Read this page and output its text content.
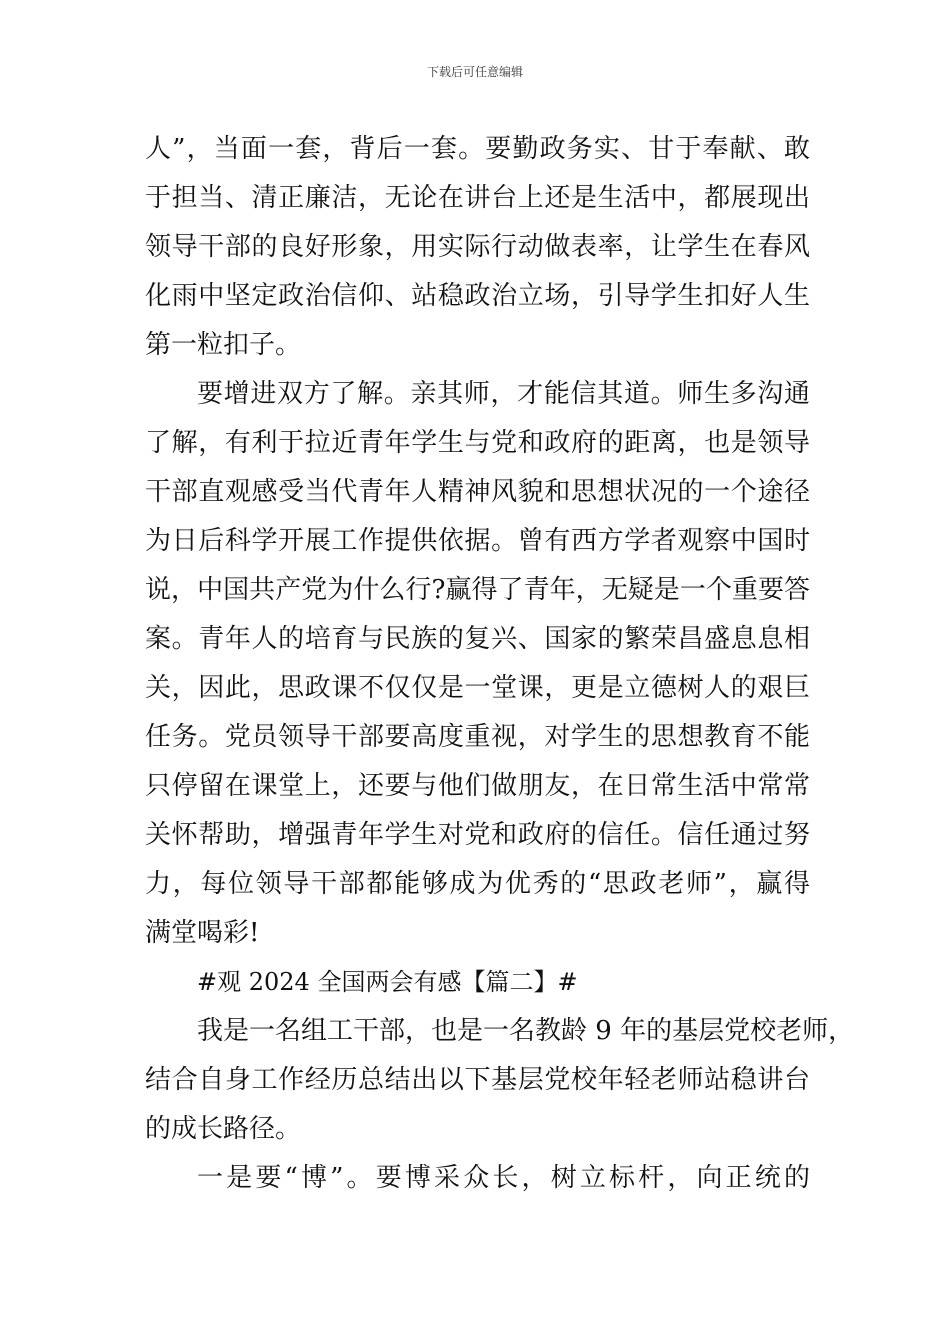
下载后可任意编辑
人”，当面一套，背后一套。要勤政务实、甘于奉献、敢
于担当、清正廉洁，无论在讲台上还是生活中，都展现出
领导干部的良好形象，用实际行动做表率，让学生在春风
化雨中坚定政治信仰、站稳政治立场，引导学生扣好人生
第一粒扣子。
要增进双方了解。亲其师，才能信其道。师生多沟通
了解，有利于拉近青年学生与党和政府的距离，也是领导
干部直观感受当代青年人精神风貌和思想状况的一个途径
为日后科学开展工作提供依据。曾有西方学者观察中国时
说，中国共产党为什么行?赢得了青年，无疑是一个重要答
案。青年人的培育与民族的复兴、国家的繁荣昌盛息息相
关，因此，思政课不仅仅是一堂课，更是立德树人的艰巨
任务。党员领导干部要高度重视，对学生的思想教育不能
只停留在课堂上，还要与他们做朋友，在日常生活中常常
关怀帮助，增强青年学生对党和政府的信任。信任通过努
力，每位领导干部都能够成为优秀的“思政老师”，赢得
满堂喝彩!
#观 2024 全国两会有感【篇二】#
我是一名组工干部，也是一名教龄 9 年的基层党校老师，
结合自身工作经历总结出以下基层党校年轻老师站稳讲台
的成长路径。
一是要“博”。要博采众长，树立标杆，向正统的
